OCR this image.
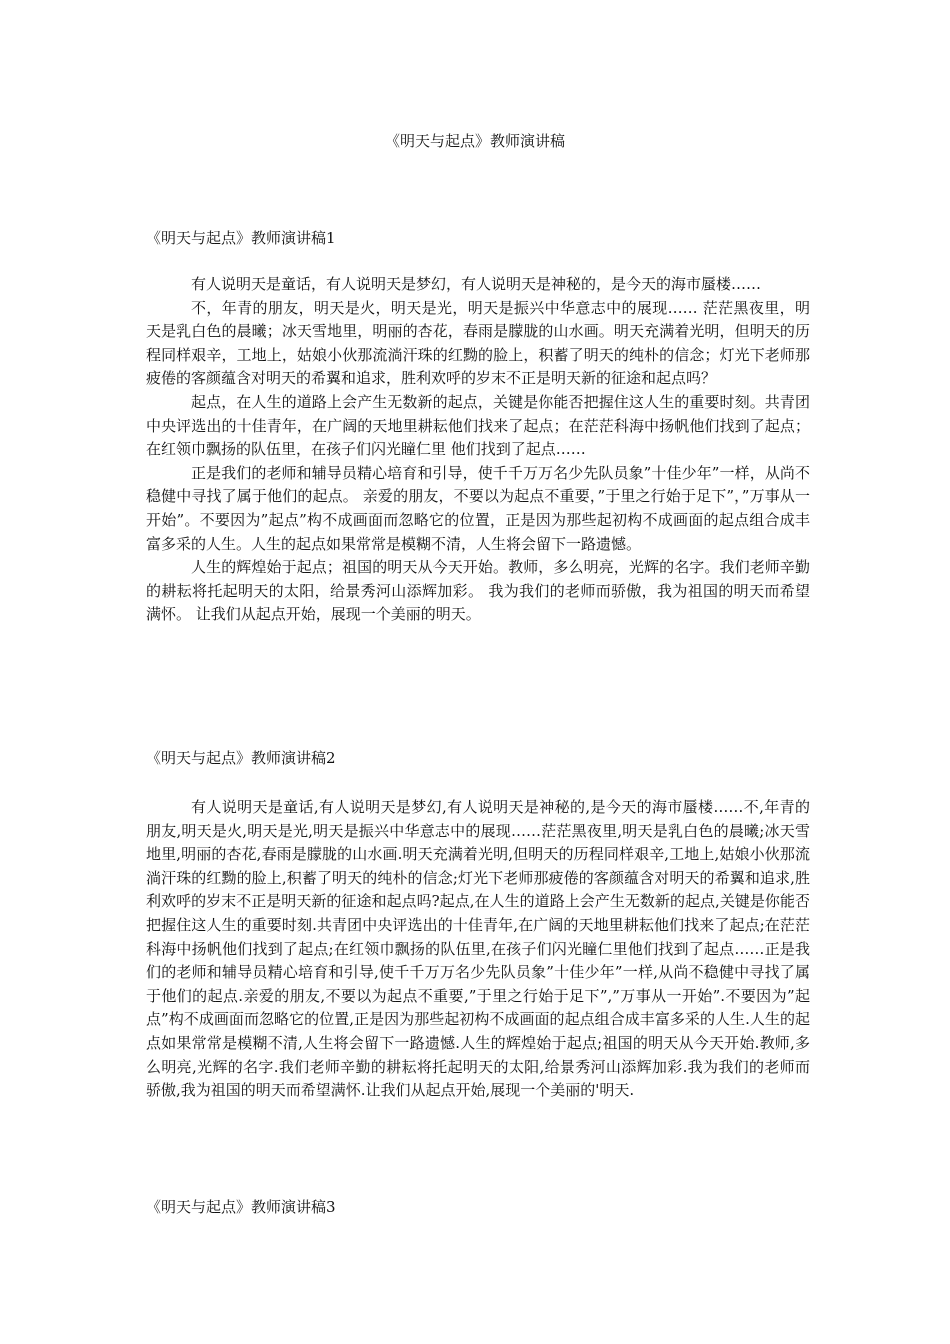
《明天与起点》教师演讲稿
《明天与起点》教师演讲稿1

有人说明天是童话，有人说明天是梦幻，有人说明天是神秘的，是今天的海市蜃楼……

不，年青的朋友，明天是火，明天是光，明天是振兴中华意志中的展现…… 茫茫黑夜里，明天是乳白色的晨曦；冰天雪地里，明丽的杏花，春雨是朦胧的山水画。明天充满着光明，但明天的历程同样艰辛，工地上，姑娘小伙那流淌汗珠的红黝的脸上，积蓄了明天的纯朴的信念；灯光下老师那疲倦的客颜蕴含对明天的希翼和追求，胜利欢呼的岁末不正是明天新的征途和起点吗？

起点，在人生的道路上会产生无数新的起点，关键是你能否把握住这人生的重要时刻。共青团中央评选出的十佳青年，在广阔的天地里耕耘他们找来了起点；在茫茫科海中扬帆他们找到了起点；在红领巾飘扬的队伍里，在孩子们闪光瞳仁里 他们找到了起点……

正是我们的老师和辅导员精心培育和引导，使千千万万名少先队员象”十佳少年”一样，从尚不稳健中寻找了属于他们的起点。 亲爱的朋友，不要以为起点不重要，”于里之行始于足下”，”万事从一开始”。不要因为”起点”构不成画面而忽略它的位置，正是因为那些起初构不成画面的起点组合成丰富多采的人生。人生的起点如果常常是模糊不清，人生将会留下一路遗憾。

人生的辉煌始于起点；祖国的明天从今天开始。教师，多么明亮，光辉的名字。我们老师辛勤的耕耘将托起明天的太阳，给景秀河山添辉加彩。 我为我们的老师而骄傲，我为祖国的明天而希望满怀。 让我们从起点开始，展现一个美丽的明天。

《明天与起点》教师演讲稿2

有人说明天是童话,有人说明天是梦幻,有人说明天是神秘的,是今天的海市蜃楼……不,年青的朋友,明天是火,明天是光,明天是振兴中华意志中的展现……茫茫黑夜里,明天是乳白色的晨曦;冰天雪地里,明丽的杏花,春雨是朦胧的山水画.明天充满着光明,但明天的历程同样艰辛,工地上,姑娘小伙那流淌汗珠的红黝的脸上,积蓄了明天的纯朴的信念;灯光下老师那疲倦的客颜蕴含对明天的希翼和追求,胜利欢呼的岁末不正是明天新的征途和起点吗?起点,在人生的道路上会产生无数新的起点,关键是你能否把握住这人生的重要时刻.共青团中央评选出的十佳青年,在广阔的天地里耕耘他们找来了起点;在茫茫科海中扬帆他们找到了起点;在红领巾飘扬的队伍里,在孩子们闪光瞳仁里他们找到了起点……正是我们的老师和辅导员精心培育和引导,使千千万万名少先队员象”十佳少年”一样,从尚不稳健中寻找了属于他们的起点.亲爱的朋友,不要以为起点不重要,”于里之行始于足下”,”万事从一开始”.不要因为”起点”构不成画面而忽略它的位置,正是因为那些起初构不成画面的起点组合成丰富多采的人生.人生的起点如果常常是模糊不清,人生将会留下一路遗憾.人生的辉煌始于起点;祖国的明天从今天开始.教师,多么明亮,光辉的名字.我们老师辛勤的耕耘将托起明天的太阳,给景秀河山添辉加彩.我为我们的老师而骄傲,我为祖国的明天而希望满怀.让我们从起点开始,展现一个美丽的'明天.

《明天与起点》教师演讲稿3
